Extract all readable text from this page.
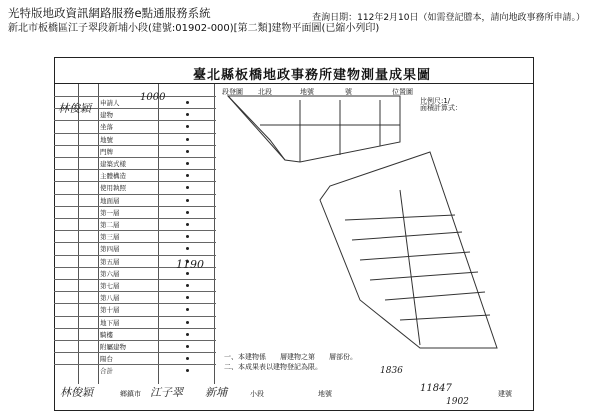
光特版地政資訊網路服務e點通服務系統
新北市板橋區江子翠段新埔小段(建號:01902-000)[第二類]建物平面圖(已縮小列印)
查詢日期：112年2月10日（如需登記謄本，請向地政事務所申請。）
臺北縣板橋地政事務所建物測量成果圖
段登圖 北段	地號	號	位置圖
比例尺:1/
面積計算式：
申請人
建物
坐落
地號
門牌
建築式樣
主體構造
使用執照
地面層
第一層
第二層
第三層
第四層
第五層
第六層
第七層
第八層
第十層
地下層
騎樓
附屬建物
陽台
合計
林俊穎
1000
1190
1836
一、本建物係　　層建物之第　　層部份。
二、本成果表以建物登記為限。
林俊穎	鄉鎮市 江子翠 新埔	小段	地號	11847	建號
1902
